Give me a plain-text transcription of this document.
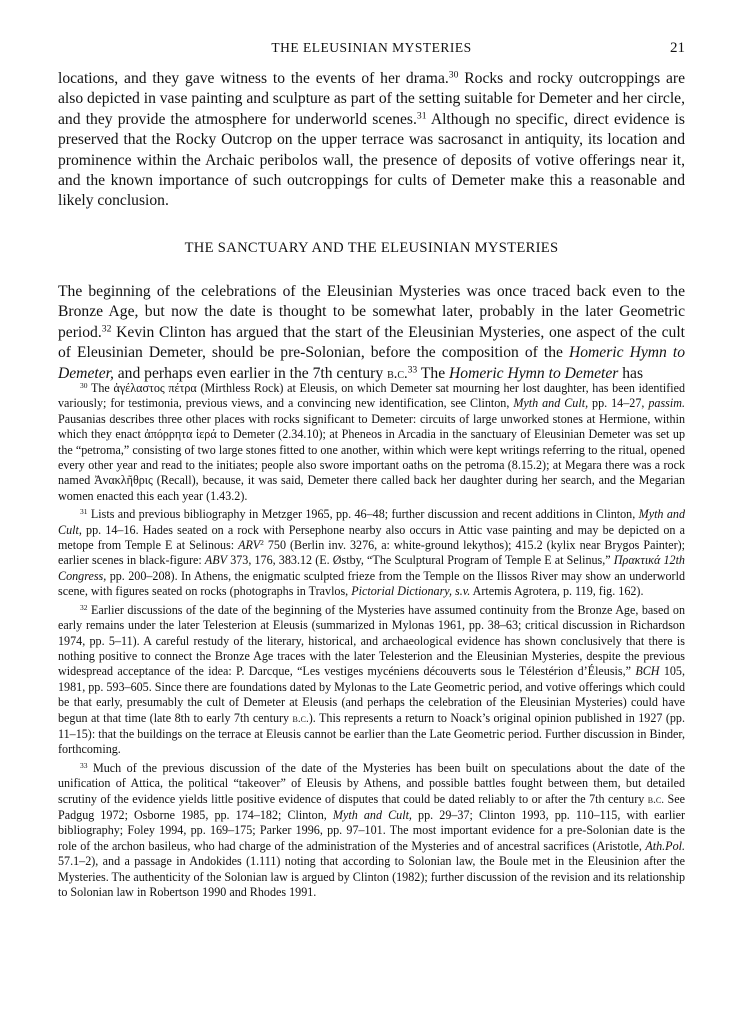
THE ELEUSINIAN MYSTERIES	21

locations, and they gave witness to the events of her drama.$^{30}$ Rocks and rocky outcroppings are also depicted in vase painting and sculpture as part of the setting suitable for Demeter and her circle, and they provide the atmosphere for underworld scenes.$^{31}$ Although no specific, direct evidence is preserved that the Rocky Outcrop on the upper terrace was sacrosanct in antiquity, its location and prominence within the Archaic peribolos wall, the presence of deposits of votive offerings near it, and the known importance of such outcroppings for cults of Demeter make this a reasonable and likely conclusion.

THE SANCTUARY AND THE ELEUSINIAN MYSTERIES

The beginning of the celebrations of the Eleusinian Mysteries was once traced back even to the Bronze Age, but now the date is thought to be somewhat later, probably in the later Geometric period.$^{32}$ Kevin Clinton has argued that the start of the Eleusinian Mysteries, one aspect of the cult of Eleusinian Demeter, should be pre-Solonian, before the composition of the Homeric Hymn to Demeter, and perhaps even earlier in the 7th century b.c.$^{33}$ The Homeric Hymn to Demeter has

$^{30}$ The ἀγέλαστος πέτρα (Mirthless Rock) at Eleusis, on which Demeter sat mourning her lost daughter, has been identified variously; for testimonia, previous views, and a convincing new identification, see Clinton, Myth and Cult, pp. 14–27, passim. Pausanias describes three other places with rocks significant to Demeter: circuits of large unworked stones at Hermione, within which they enact ἀπόρρητα ἱερά to Demeter (2.34.10); at Pheneos in Arcadia in the sanctuary of Eleusinian Demeter was set up the “petroma,” consisting of two large stones fitted to one another, within which were kept writings referring to the ritual, opened every other year and read to the initiates; people also swore important oaths on the petroma (8.15.2); at Megara there was a rock named Ἀνακλῆθρις (Recall), because, it was said, Demeter there called back her daughter during her search, and the Megarian women enacted this each year (1.43.2).

$^{31}$ Lists and previous bibliography in Metzger 1965, pp. 46–48; further discussion and recent additions in Clinton, Myth and Cult, pp. 14–16. Hades seated on a rock with Persephone nearby also occurs in Attic vase painting and may be depicted on a metope from Temple E at Selinous: ARV$^2$ 750 (Berlin inv. 3276, a: white-ground lekythos); 415.2 (kylix near Brygos Painter); earlier scenes in black-figure: ABV 373, 176, 383.12 (E. Østby, “The Sculptural Program of Temple E at Selinus,” Πρακτικά 12th Congress, pp. 200–208). In Athens, the enigmatic sculpted frieze from the Temple on the Ilissos River may show an underworld scene, with figures seated on rocks (photographs in Travlos, Pictorial Dictionary, s.v. Artemis Agrotera, p. 119, fig. 162).

$^{32}$ Earlier discussions of the date of the beginning of the Mysteries have assumed continuity from the Bronze Age, based on early remains under the later Telesterion at Eleusis (summarized in Mylonas 1961, pp. 38–63; critical discussion in Richardson 1974, pp. 5–11). A careful restudy of the literary, historical, and archaeological evidence has shown conclusively that there is nothing positive to connect the Bronze Age traces with the later Telesterion and the Eleusinian Mysteries, despite the previous widespread acceptance of the idea: P. Darcque, “Les vestiges mycéniens découverts sous le Télestérion d’Éleusis,” BCH 105, 1981, pp. 593–605. Since there are foundations dated by Mylonas to the Late Geometric period, and votive offerings which could be that early, presumably the cult of Demeter at Eleusis (and perhaps the celebration of the Eleusinian Mysteries) could have begun at that time (late 8th to early 7th century b.c.). This represents a return to Noack’s original opinion published in 1927 (pp. 11–15): that the buildings on the terrace at Eleusis cannot be earlier than the Late Geometric period. Further discussion in Binder, forthcoming.

$^{33}$ Much of the previous discussion of the date of the Mysteries has been built on speculations about the date of the unification of Attica, the political “takeover” of Eleusis by Athens, and possible battles fought between them, but detailed scrutiny of the evidence yields little positive evidence of disputes that could be dated reliably to or after the 7th century b.c. See Padgug 1972; Osborne 1985, pp. 174–182; Clinton, Myth and Cult, pp. 29–37; Clinton 1993, pp. 110–115, with earlier bibliography; Foley 1994, pp. 169–175; Parker 1996, pp. 97–101. The most important evidence for a pre-Solonian date is the role of the archon basileus, who had charge of the administration of the Mysteries and of ancestral sacrifices (Aristotle, Ath.Pol. 57.1–2), and a passage in Andokides (1.111) noting that according to Solonian law, the Boule met in the Eleusinion after the Mysteries. The authenticity of the Solonian law is argued by Clinton (1982); further discussion of the revision and its relationship to Solonian law in Robertson 1990 and Rhodes 1991.
